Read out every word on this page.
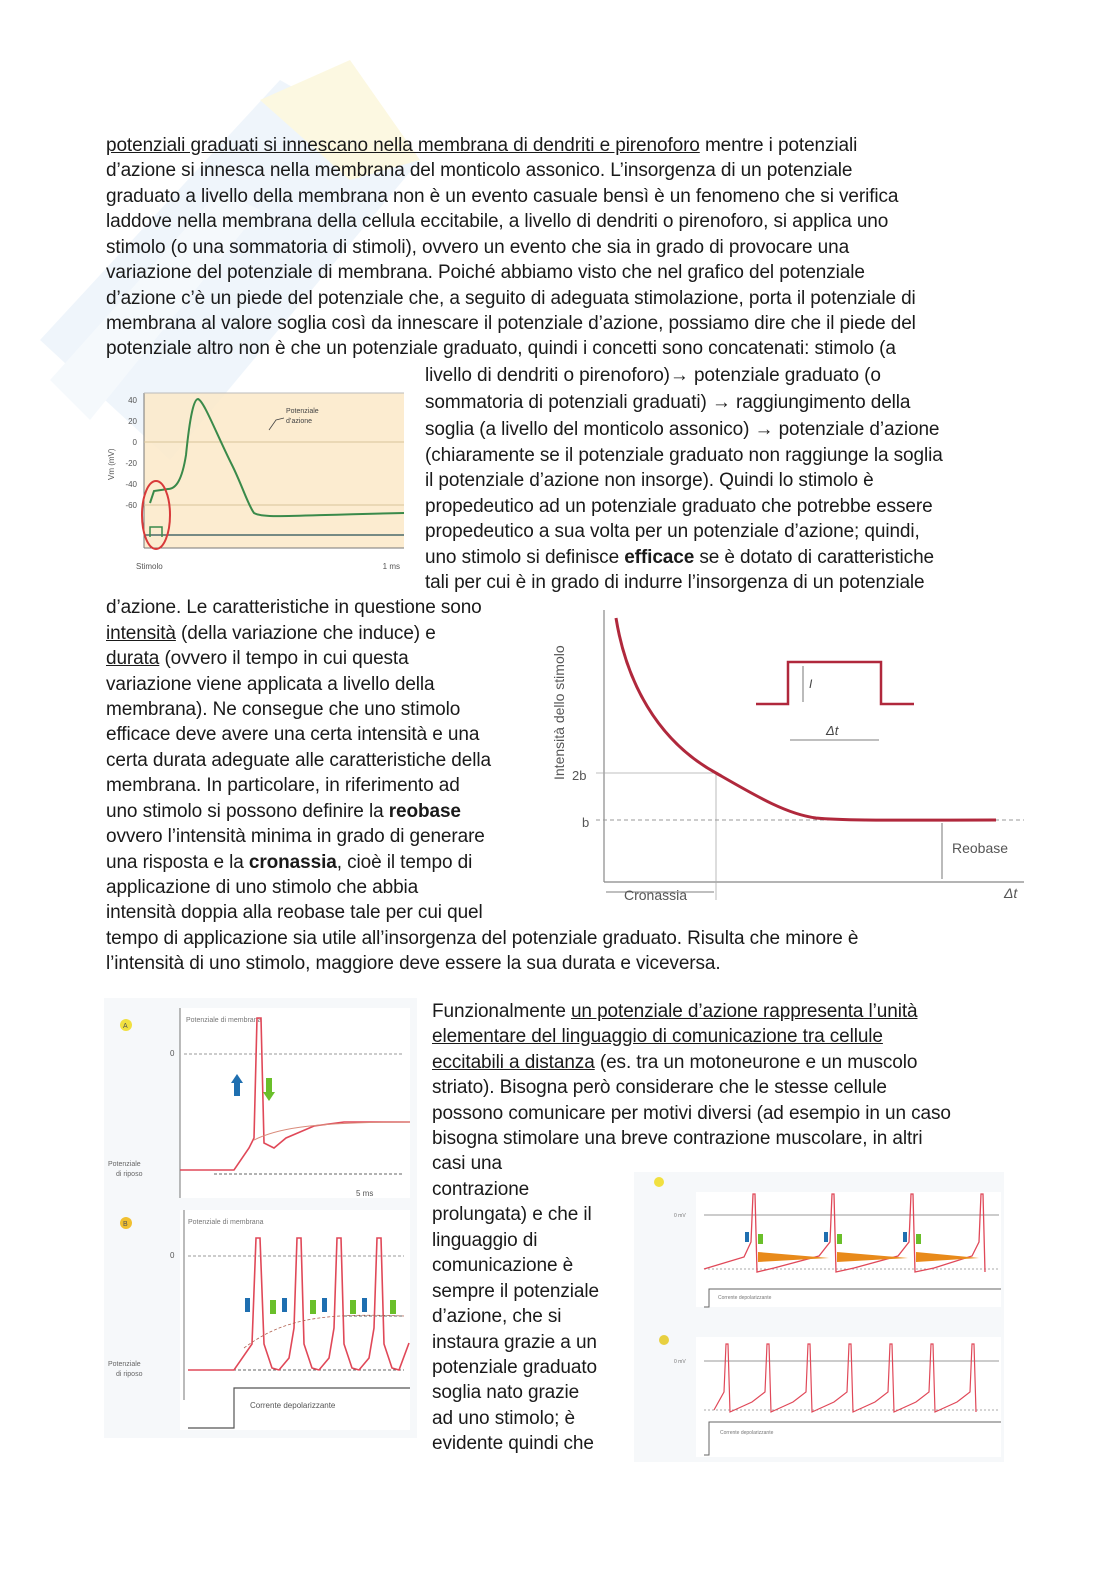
potenziali graduati si innescano nella membrana di dendriti e pirenoforo mentre i potenziali
d’azione si innesca nella membrana del monticolo assonico. L’insorgenza di un potenziale
graduato a livello della membrana non è un evento casuale bensì è un fenomeno che si verifica
laddove nella membrana della cellula eccitabile, a livello di dendriti o pirenoforo, si applica uno
stimolo (o una sommatoria di stimoli), ovvero un evento che sia in grado di provocare una
variazione del potenziale di membrana. Poiché abbiamo visto che nel grafico del potenziale
d’azione c’è un piede del potenziale che, a seguito di adeguata stimolazione, porta il potenziale di
membrana al valore soglia così da innescare il potenziale d’azione, possiamo dire che il piede del
potenziale altro non è che un potenziale graduato, quindi i concetti sono concatenati: stimolo (a
livello di dendriti o pirenoforo)→ potenziale graduato (o
sommatoria di potenziali graduati) → raggiungimento della
soglia (a livello del monticolo assonico) → potenziale d’azione
(chiaramente se il potenziale graduato non raggiunge la soglia
il potenziale d’azione non insorge). Quindi lo stimolo è
propedeutico ad un potenziale graduato che potrebbe essere
propedeutico a sua volta per un potenziale d’azione; quindi,
uno stimolo si definisce efficace se è dotato di caratteristiche
tali per cui è in grado di indurre l’insorgenza di un potenziale
d’azione. Le caratteristiche in questione sono
intensità (della variazione che induce) e
durata (ovvero il tempo in cui questa
variazione viene applicata a livello della
membrana). Ne consegue che uno stimolo
efficace deve avere una certa intensità e una
certa durata adeguate alle caratteristiche della
membrana. In particolare, in riferimento ad
uno stimolo si possono definire la reobase
ovvero l’intensità minima in grado di generare
una risposta e la cronassia, cioè il tempo di
applicazione di uno stimolo che abbia
intensità doppia alla reobase tale per cui quel
tempo di applicazione sia utile all’insorgenza del potenziale graduato. Risulta che minore è
l’intensità di uno stimolo, maggiore deve essere la sua durata e viceversa.
Funzionalmente un potenziale d’azione rappresenta l’unità
elementare del linguaggio di comunicazione tra cellule
eccitabili a distanza (es. tra un motoneurone e un muscolo
striato). Bisogna però considerare che le stesse cellule
possono comunicare per motivi diversi (ad esempio in un caso
bisogna stimolare una breve contrazione muscolare, in altri
casi una
contrazione
prolungata) e che il
linguaggio di
comunicazione è
sempre il potenziale
d’azione, che si
instaura grazie a un
potenziale graduato
soglia nato grazie
ad uno stimolo; è
evidente quindi che
40
20
0
-20
-40
-60
Vm (mV)
Potenziale
d’azione
Stimolo	1 ms
I
Δt
Intensità dello stimolo 2b
b
Reobase
Cronassia	Δt
A
Potenziale di membrana
0
Potenziale
di riposo
5 ms
B	Potenziale di membrana
0
Potenziale
di riposo
Corrente depolarizzante
0 mV
Corrente depolarizzante
0 mV
Corrente depolarizzante
